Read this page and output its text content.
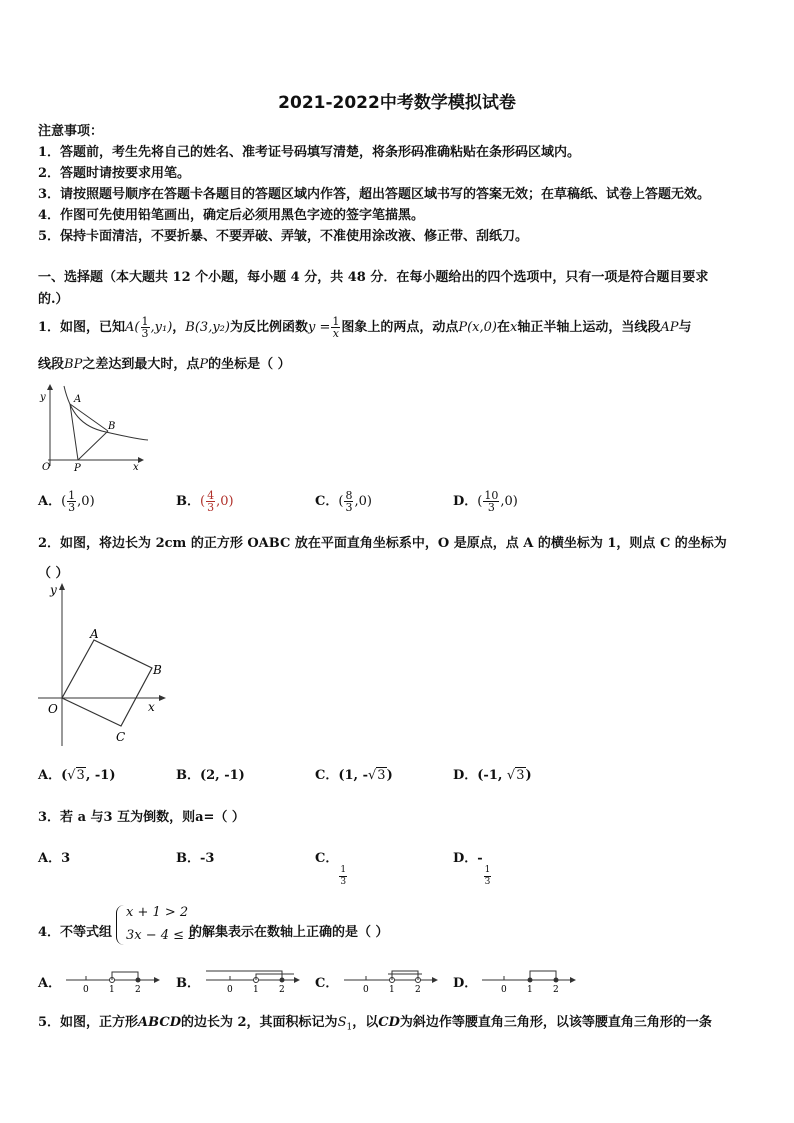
2021-2022中考数学模拟试卷
注意事项：
1．答题前，考生先将自己的姓名、准考证号码填写清楚，将条形码准确粘贴在条形码区域内。
2．答题时请按要求用笔。
3．请按照题号顺序在答题卡各题目的答题区域内作答，超出答题区域书写的答案无效；在草稿纸、试卷上答题无效。
4．作图可先使用铅笔画出，确定后必须用黑色字迹的签字笔描黑。
5．保持卡面清洁，不要折暴、不要弄破、弄皱，不准使用涂改液、修正带、刮纸刀。
一、选择题（本大题共 12 个小题，每小题 4 分，共 48 分．在每小题给出的四个选项中，只有一项是符合题目要求
的.）
1．如图，已知$A( \frac{1}{3} ,y_1)$，B(3,y₂)为反比例函数$y = \frac{1}{x}$ 图象上的两点，动点P(x,0)在x轴正半轴上运动，当线段AP与
线段BP之差达到最大时，点P的坐标是（ ）
y
x
O
A
B
P
A．( $\frac{1}{3} ,0$)	B．( $\frac{4}{3} ,0$)	C．( $\frac{8}{3} ,0$)	D．( $\frac{10}{3} ,0$)
2．如图，将边长为 2cm 的正方形 OABC 放在平面直角坐标系中，O 是原点，点 A 的横坐标为 1，则点 C 的坐标为
（ ）
y
x
O
A
B
C
A．(√3, -1)	B．(2, -1)	C．(1, -√3)	D．(-1, √3)
3．若 a 与3 互为倒数，则a=（ ）
A．3	B．-3	C．
$\frac{1}{3}$
D．-
$\frac{1}{3}$
4．不等式组
x + 1 > 2
3x − 4 ≤ 2
的解集表示在数轴上正确的是（ ）
A． 0 1 2	B．	0 1 2 C．	0 1 2 D．	0 1 2
5．如图，正方形ABCD的边长为 2，其面积标记为$S_1$，以CD为斜边作等腰直角三角形，以该等腰直角三角形的一条
